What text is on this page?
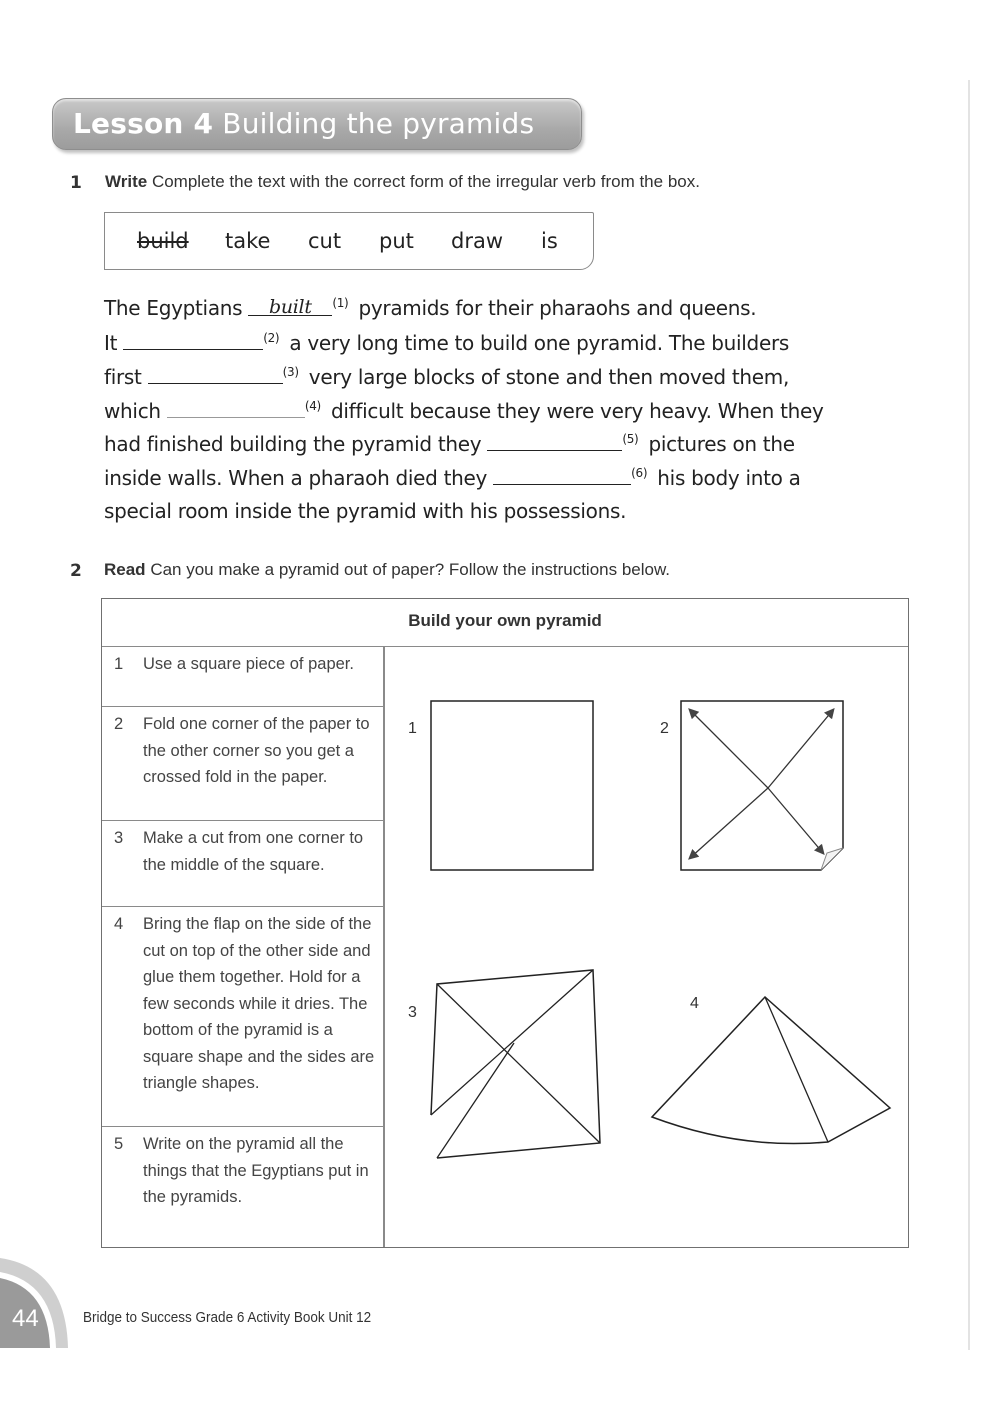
Lesson 4 Building the pyramids
1 Write Complete the text with the correct form of the irregular verb from the box.
build take cut put draw is
The Egyptians built $^{(1)}$ pyramids for their pharaohs and queens.
It	$^{(2)}$ a very long time to build one pyramid. The builders
first	$^{(3)}$ very large blocks of stone and then moved them,
which	$^{(4)}$ difficult because they were very heavy. When they
had finished building the pyramid they	$^{(5)}$ pictures on the
inside walls. When a pharaoh died they	$^{(6)}$ his body into a
special room inside the pyramid with his possessions.
2 Read Can you make a pyramid out of paper? Follow the instructions below.
Build your own pyramid
1 Use a square piece of paper.
2 Fold one corner of the paper to the other corner so you get a crossed fold in the paper.
3 Make a cut from one corner to the middle of the square.
4 Bring the flap on the side of the cut on top of the other side and glue them together. Hold for a few seconds while it dries. The bottom of the pyramid is a square shape and the sides are triangle shapes.
5 Write on the pyramid all the things that the Egyptians put in the pyramids.
1	2
3
4
44	Bridge to Success Grade 6 Activity Book Unit 12
